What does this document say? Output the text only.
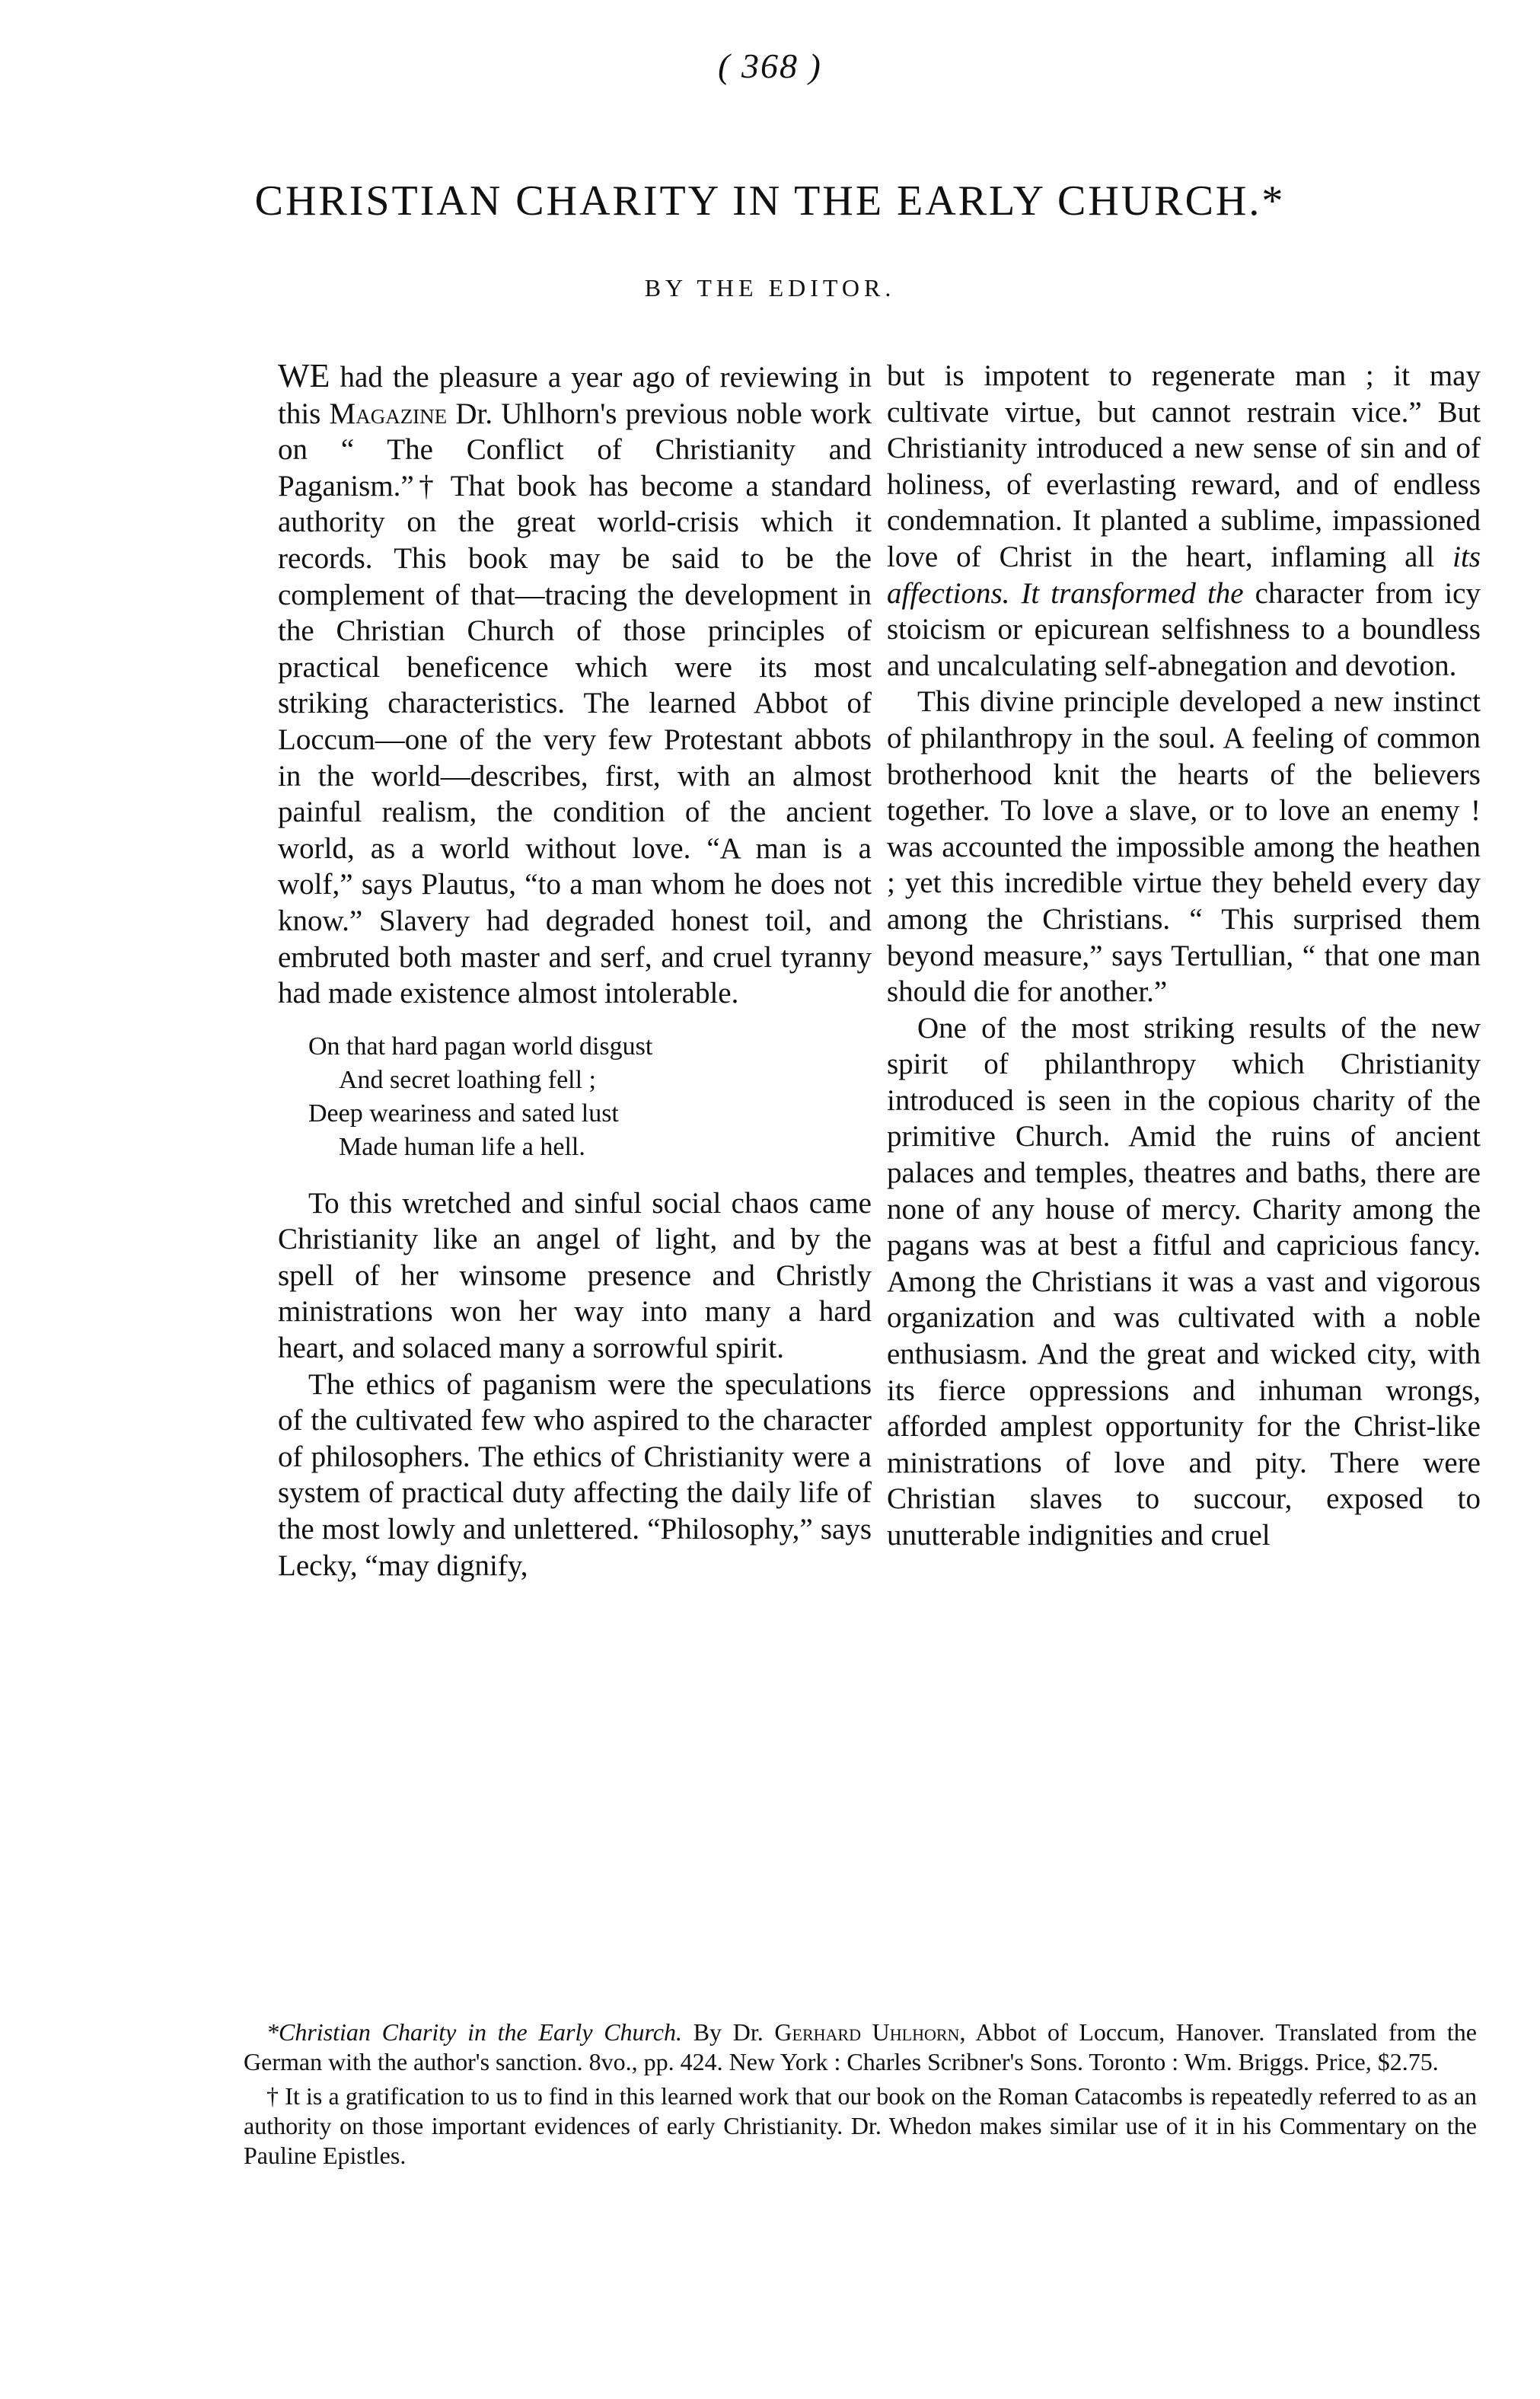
( 368 )
CHRISTIAN CHARITY IN THE EARLY CHURCH.*
BY THE EDITOR.

WE had the pleasure a year ago of reviewing in this Magazine Dr. Uhlhorn's previous noble work on “ The Conflict of Christianity and Paganism.”† That book has become a standard authority on the great world-crisis which it records. This book may be said to be the complement of that—tracing the development in the Christian Church of those principles of practical beneficence which were its most striking characteristics. The learned Abbot of Loccum—one of the very few Protestant abbots in the world—describes, first, with an almost painful realism, the condition of the ancient world, as a world without love. “A man is a wolf,” says Plautus, “to a man whom he does not know.” Slavery had degraded honest toil, and embruted both master and serf, and cruel tyranny had made existence almost intolerable.

On that hard pagan world disgust
And secret loathing fell ;
Deep weariness and sated lust
Made human life a hell.

To this wretched and sinful social chaos came Christianity like an angel of light, and by the spell of her winsome presence and Christly ministrations won her way into many a hard heart, and solaced many a sorrowful spirit.

The ethics of paganism were the speculations of the cultivated few who aspired to the character of philosophers. The ethics of Christianity were a system of practical duty affecting the daily life of the most lowly and unlettered. “Philosophy,” says Lecky, “may dignify,

but is impotent to regenerate man ; it may cultivate virtue, but cannot restrain vice.” But Christianity introduced a new sense of sin and of holiness, of everlasting reward, and of endless condemnation. It planted a sublime, impassioned love of Christ in the heart, inflaming all its affections. It transformed the character from icy stoicism or epicurean selfishness to a boundless and uncalculating self-abnegation and devotion.

This divine principle developed a new instinct of philanthropy in the soul. A feeling of common brotherhood knit the hearts of the believers together. To love a slave, or to love an enemy ! was accounted the impossible among the heathen ; yet this incredible virtue they beheld every day among the Christians. “ This surprised them beyond measure,” says Tertullian, “ that one man should die for another.”

One of the most striking results of the new spirit of philanthropy which Christianity introduced is seen in the copious charity of the primitive Church. Amid the ruins of ancient palaces and temples, theatres and baths, there are none of any house of mercy. Charity among the pagans was at best a fitful and capricious fancy. Among the Christians it was a vast and vigorous organization and was cultivated with a noble enthusiasm. And the great and wicked city, with its fierce oppressions and inhuman wrongs, afforded amplest opportunity for the Christ-like ministrations of love and pity. There were Christian slaves to succour, exposed to unutterable indignities and cruel

*Christian Charity in the Early Church. By Dr. Gerhard Uhlhorn, Abbot of Loccum, Hanover. Translated from the German with the author's sanction. 8vo., pp. 424. New York : Charles Scribner's Sons. Toronto : Wm. Briggs. Price, $2.75.

† It is a gratification to us to find in this learned work that our book on the Roman Catacombs is repeatedly referred to as an authority on those important evidences of early Christianity. Dr. Whedon makes similar use of it in his Commentary on the Pauline Epistles.
